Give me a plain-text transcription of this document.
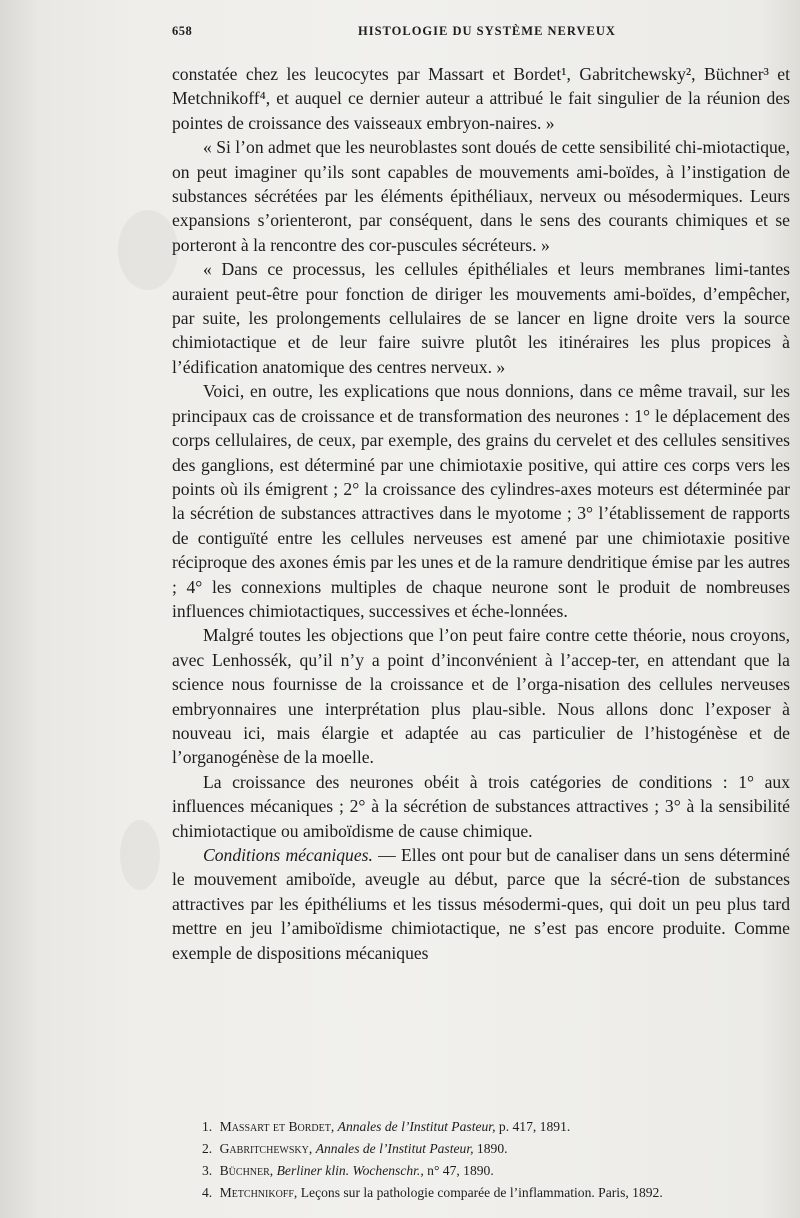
658	HISTOLOGIE DU SYSTÈME NERVEUX

constatée chez les leucocytes par Massart et Bordet¹, Gabritchewsky², Büchner³ et Metchnikoff⁴, et auquel ce dernier auteur a attribué le fait singulier de la réunion des pointes de croissance des vaisseaux embryon-naires. »

« Si l’on admet que les neuroblastes sont doués de cette sensibilité chi-miotactique, on peut imaginer qu’ils sont capables de mouvements ami-boïdes, à l’instigation de substances sécrétées par les éléments épithéliaux, nerveux ou mésodermiques. Leurs expansions s’orienteront, par conséquent, dans le sens des courants chimiques et se porteront à la rencontre des cor-puscules sécréteurs. »

« Dans ce processus, les cellules épithéliales et leurs membranes limi-tantes auraient peut-être pour fonction de diriger les mouvements ami-boïdes, d’empêcher, par suite, les prolongements cellulaires de se lancer en ligne droite vers la source chimiotactique et de leur faire suivre plutôt les itinéraires les plus propices à l’édification anatomique des centres nerveux. »

Voici, en outre, les explications que nous donnions, dans ce même travail, sur les principaux cas de croissance et de transformation des neurones : 1° le déplacement des corps cellulaires, de ceux, par exemple, des grains du cervelet et des cellules sensitives des ganglions, est déterminé par une chimiotaxie positive, qui attire ces corps vers les points où ils émigrent ; 2° la croissance des cylindres-axes moteurs est déterminée par la sécrétion de substances attractives dans le myotome ; 3° l’établissement de rapports de contiguïté entre les cellules nerveuses est amené par une chimiotaxie positive réciproque des axones émis par les unes et de la ramure dendritique émise par les autres ; 4° les connexions multiples de chaque neurone sont le produit de nombreuses influences chimiotactiques, successives et éche-lonnées.

Malgré toutes les objections que l’on peut faire contre cette théorie, nous croyons, avec Lenhossék, qu’il n’y a point d’inconvénient à l’accep-ter, en attendant que la science nous fournisse de la croissance et de l’orga-nisation des cellules nerveuses embryonnaires une interprétation plus plau-sible. Nous allons donc l’exposer à nouveau ici, mais élargie et adaptée au cas particulier de l’histogénèse et de l’organogénèse de la moelle.

La croissance des neurones obéit à trois catégories de conditions : 1° aux influences mécaniques ; 2° à la sécrétion de substances attractives ; 3° à la sensibilité chimiotactique ou amiboïdisme de cause chimique.

Conditions mécaniques. — Elles ont pour but de canaliser dans un sens déterminé le mouvement amiboïde, aveugle au début, parce que la sécré-tion de substances attractives par les épithéliums et les tissus mésodermi-ques, qui doit un peu plus tard mettre en jeu l’amiboïdisme chimiotactique, ne s’est pas encore produite. Comme exemple de dispositions mécaniques

1. Massart et Bordet, Annales de l’Institut Pasteur, p. 417, 1891.

2. Gabritchewsky, Annales de l’Institut Pasteur, 1890.

3. Büchner, Berliner klin. Wochenschr., n° 47, 1890.

4. Metchnikoff, Leçons sur la pathologie comparée de l’inflammation. Paris, 1892.
